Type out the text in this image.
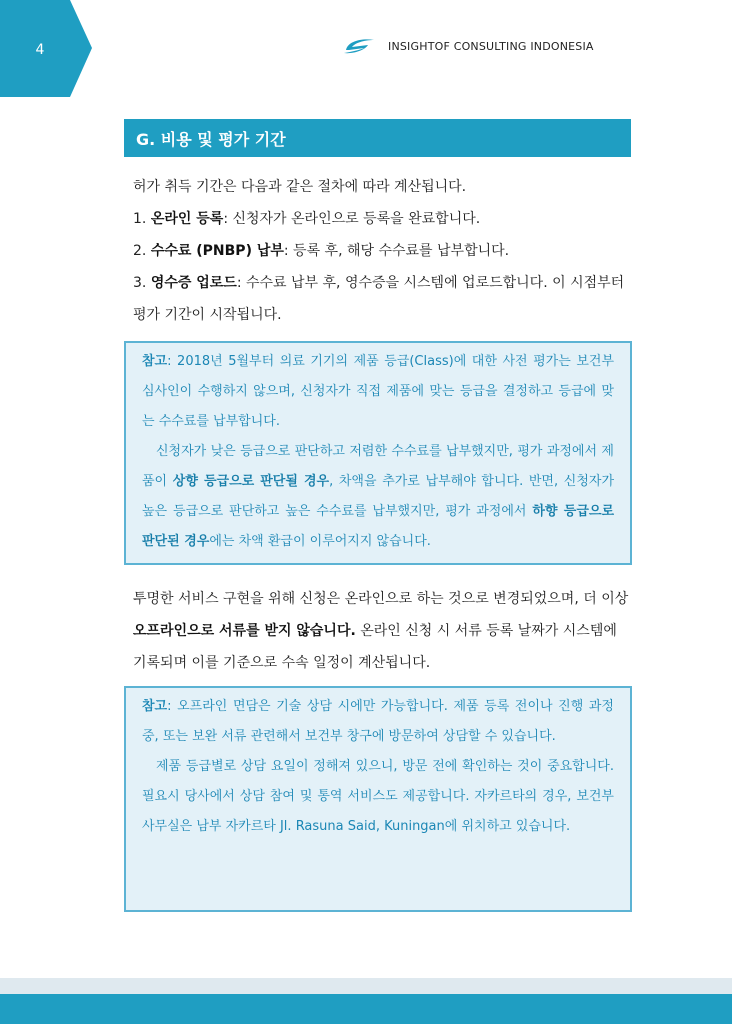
4	INSIGHTOF CONSULTING INDONESIA
G. 비용 및 평가 기간

허가 취득 기간은 다음과 같은 절차에 따라 계산됩니다.

1. 온라인 등록: 신청자가 온라인으로 등록을 완료합니다.

2. 수수료 (PNBP) 납부: 등록 후, 해당 수수료를 납부합니다.

3. 영수증 업로드: 수수료 납부 후, 영수증을 시스템에 업로드합니다. 이 시점부터 평가 기간이 시작됩니다.

참고: 2018년 5월부터 의료 기기의 제품 등급(Class)에 대한 사전 평가는 보건부 심사인이 수행하지 않으며, 신청자가 직접 제품에 맞는 등급을 결정하고 등급에 맞는 수수료를 납부합니다.

신청자가 낮은 등급으로 판단하고 저렴한 수수료를 납부했지만, 평가 과정에서 제품이 상향 등급으로 판단될 경우, 차액을 추가로 납부해야 합니다. 반면, 신청자가 높은 등급으로 판단하고 높은 수수료를 납부했지만, 평가 과정에서 하향 등급으로 판단된 경우에는 차액 환급이 이루어지지 않습니다.

투명한 서비스 구현을 위해 신청은 온라인으로 하는 것으로 변경되었으며, 더 이상 오프라인으로 서류를 받지 않습니다. 온라인 신청 시 서류 등록 날짜가 시스템에 기록되며 이를 기준으로 수속 일정이 계산됩니다.

참고: 오프라인 면담은 기술 상담 시에만 가능합니다. 제품 등록 전이나 진행 과정 중, 또는 보완 서류 관련해서 보건부 창구에 방문하여 상담할 수 있습니다.

제품 등급별로 상담 요일이 정해져 있으니, 방문 전에 확인하는 것이 중요합니다. 필요시 당사에서 상담 참여 및 통역 서비스도 제공합니다. 자카르타의 경우, 보건부 사무실은 남부 자카르타 Jl. Rasuna Said, Kuningan에 위치하고 있습니다.
